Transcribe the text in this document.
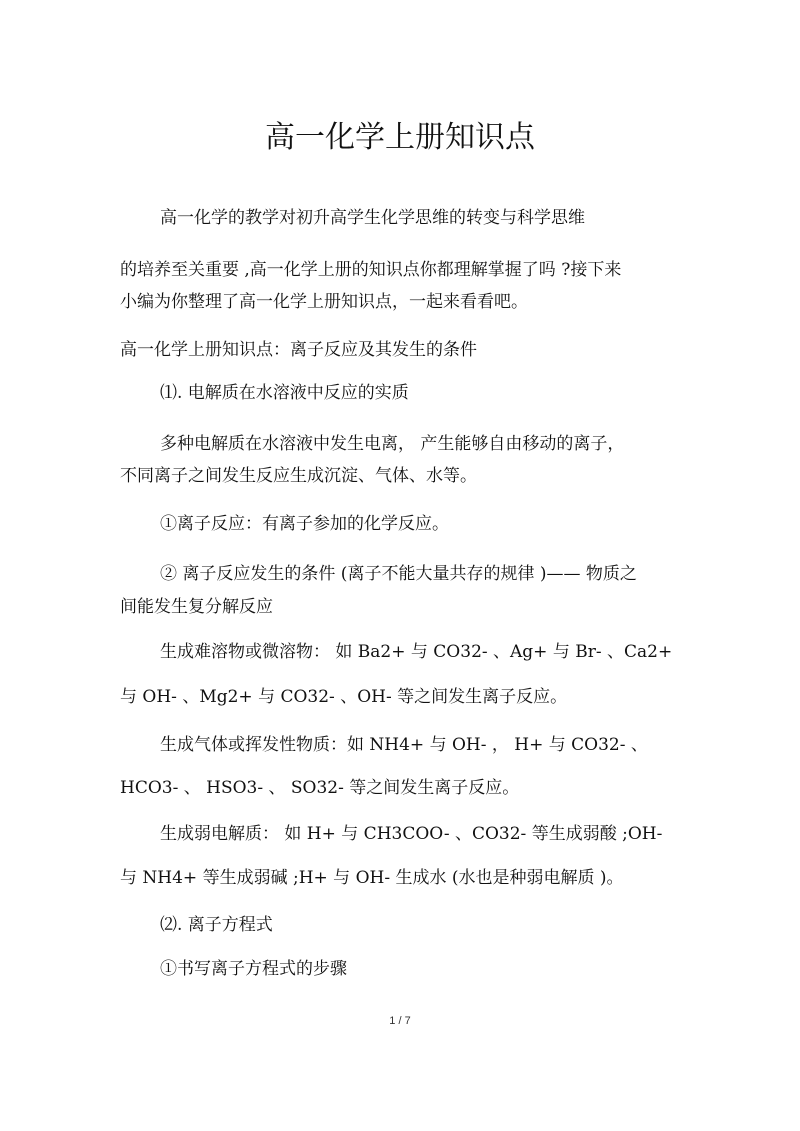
高一化学上册知识点

高一化学的教学对初升高学生化学思维的转变与科学思维

的培养至关重要 ,高一化学上册的知识点你都理解掌握了吗 ?接下来

小编为你整理了高一化学上册知识点，一起来看看吧。

高一化学上册知识点：离子反应及其发生的条件

⑴. 电解质在水溶液中反应的实质

多种电解质在水溶液中发生电离， 产生能够自由移动的离子，

不同离子之间发生反应生成沉淀、气体、水等。

①离子反应：有离子参加的化学反应。

② 离子反应发生的条件 (离子不能大量共存的规律 )—— 物质之

间能发生复分解反应

生成难溶物或微溶物： 如 Ba2+ 与 CO32- 、Ag+ 与 Br- 、Ca2+

与 OH- 、Mg2+ 与 CO32- 、OH- 等之间发生离子反应。

生成气体或挥发性物质：如 NH4+ 与 OH- ， H+ 与 CO32- 、

HCO3- 、 HSO3- 、 SO32- 等之间发生离子反应。

生成弱电解质： 如 H+ 与 CH3COO- 、CO32- 等生成弱酸 ;OH-

与 NH4+ 等生成弱碱 ;H+ 与 OH- 生成水 (水也是种弱电解质 )。

⑵. 离子方程式

①书写离子方程式的步骤

1 / 7
